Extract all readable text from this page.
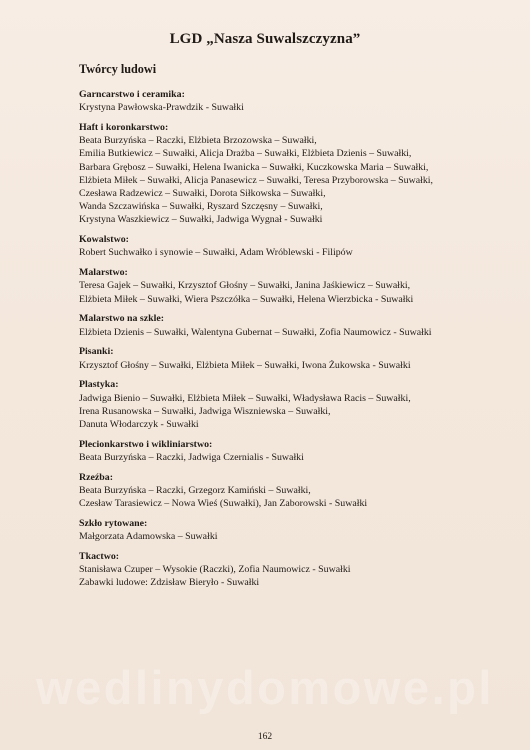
LGD „Nasza Suwalszczyzna”
Twórcy ludowi
Garncarstwo i ceramika:
Krystyna Pawłowska-Prawdzik - Suwałki
Haft i koronkarstwo:
Beata Burzyńska – Raczki, Elżbieta Brzozowska – Suwałki,
Emilia Butkiewicz – Suwałki, Alicja Drażba – Suwałki, Elżbieta Dzienis – Suwałki,
Barbara Grębosz – Suwałki, Helena Iwanicka – Suwałki, Kuczkowska Maria – Suwałki,
Elżbieta Miłek – Suwałki, Alicja Panasewicz – Suwałki, Teresa Przyborowska – Suwałki,
Czesława Radzewicz – Suwałki, Dorota Siłkowska – Suwałki,
Wanda Szczawińska – Suwałki, Ryszard Szczęsny – Suwałki,
Krystyna Waszkiewicz – Suwałki, Jadwiga Wygnał - Suwałki
Kowalstwo:
Robert Suchwałko i synowie – Suwałki, Adam Wróblewski - Filipów
Malarstwo:
Teresa Gajek – Suwałki, Krzysztof Głośny – Suwałki, Janina Jaśkiewicz – Suwałki,
Elżbieta Miłek – Suwałki, Wiera Pszczółka – Suwałki, Helena Wierzbicka - Suwałki
Malarstwo na szkle:
Elżbieta Dzienis – Suwałki, Walentyna Gubernat – Suwałki, Zofia Naumowicz - Suwałki
Pisanki:
Krzysztof Głośny – Suwałki, Elżbieta Miłek – Suwałki, Iwona Żukowska - Suwałki
Plastyka:
Jadwiga Bienio – Suwałki, Elżbieta Miłek – Suwałki, Władysława Racis – Suwałki,
Irena Rusanowska – Suwałki, Jadwiga Wiszniewska – Suwałki,
Danuta Włodarczyk - Suwałki
Plecionkarstwo i wikliniarstwo:
Beata Burzyńska – Raczki, Jadwiga Czernialis - Suwałki
Rzeźba:
Beata Burzyńska – Raczki, Grzegorz Kamiński – Suwałki,
Czesław Tarasiewicz – Nowa Wieś (Suwałki), Jan Zaborowski - Suwałki
Szkło rytowane:
Małgorzata Adamowska – Suwałki
Tkactwo:
Stanisława Czuper – Wysokie (Raczki), Zofia Naumowicz - Suwałki
Zabawki ludowe: Zdzisław Bieryło - Suwałki
wedlinydomowe.pl
162
